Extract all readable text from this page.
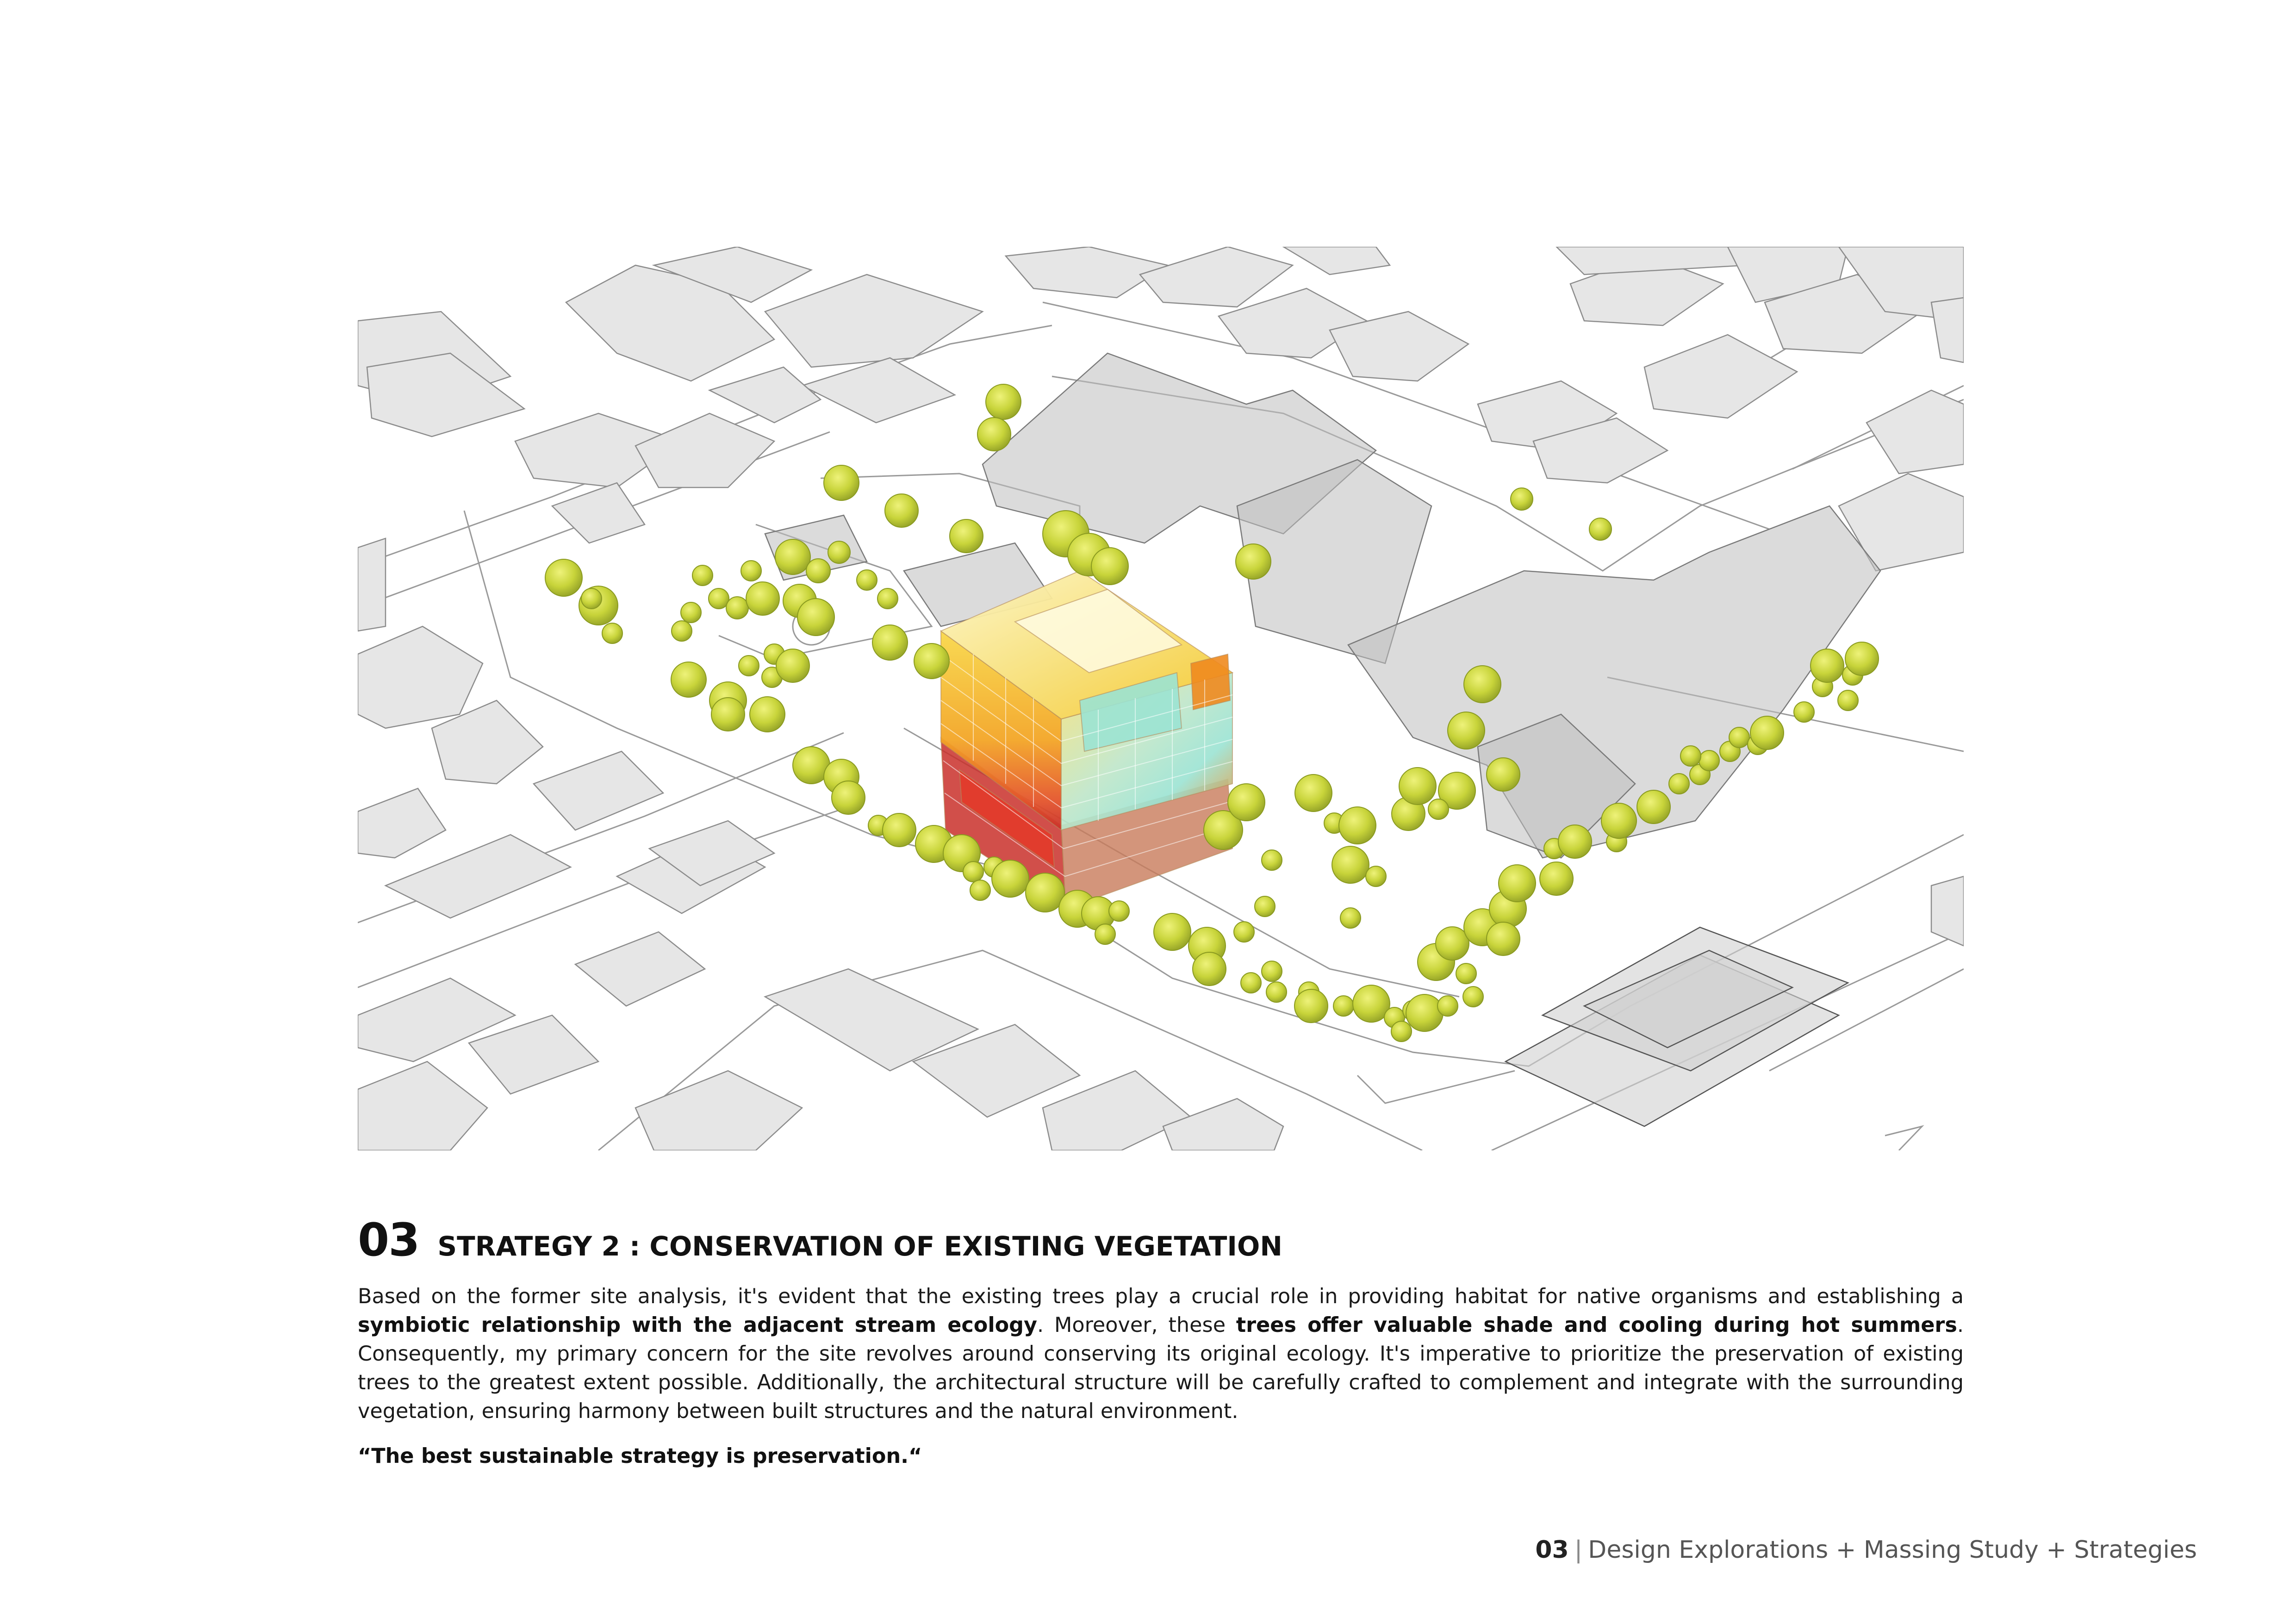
03 STRATEGY 2 : CONSERVATION OF EXISTING VEGETATION

Based on the former site analysis, it's evident that the existing trees play a crucial role in providing habitat for native organisms and establishing a symbiotic relationship with the adjacent stream ecology. Moreover, these trees offer valuable shade and cooling during hot summers. Consequently, my primary concern for the site revolves around conserving its original ecology. It's imperative to prioritize the preservation of existing trees to the greatest extent possible. Additionally, the architectural structure will be carefully crafted to complement and integrate with the surrounding vegetation, ensuring harmony between built structures and the natural environment.

“The best sustainable strategy is preservation.“
03 | Design Explorations + Massing Study + Strategies
